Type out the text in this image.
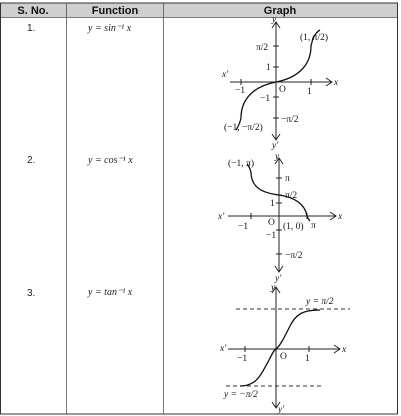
S. No.	Function	Graph
1.	y = sin⁻¹ x
y
y'
x
x'
O
π/2
1
−1
−1
1
−π/2
(1, π/2)
(−1, −π/2)
2.	y = cos⁻¹ x	y
y'
x
x'
O
π
π/2
1
−1
−1
(1, 0) π
−π/2
(−1, π)
3.	y = tan⁻¹ x	y
y'
x
x'
O
−1	1
y = π/2
y = −π/2
